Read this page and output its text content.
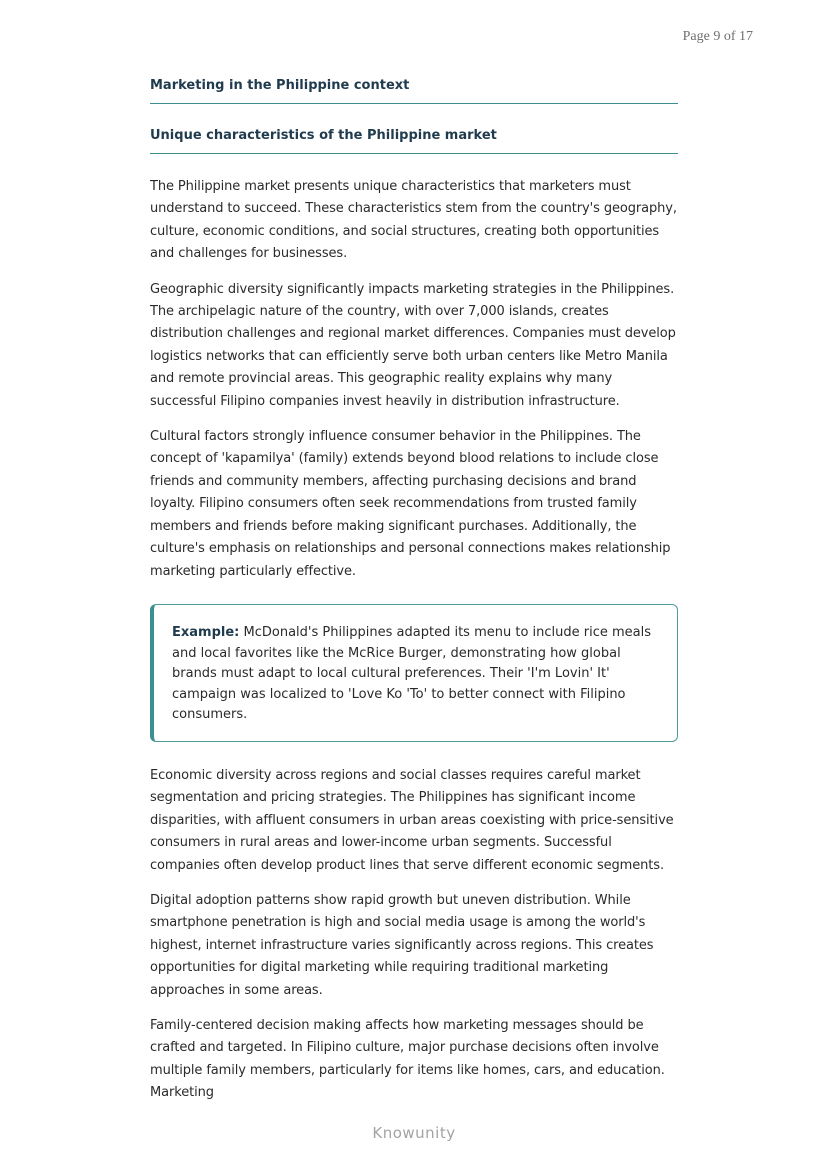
Page 9 of 17
Marketing in the Philippine context
Unique characteristics of the Philippine market

The Philippine market presents unique characteristics that marketers must understand to succeed. These characteristics stem from the country's geography, culture, economic conditions, and social structures, creating both opportunities and challenges for businesses.

Geographic diversity significantly impacts marketing strategies in the Philippines. The archipelagic nature of the country, with over 7,000 islands, creates distribution challenges and regional market differences. Companies must develop logistics networks that can efficiently serve both urban centers like Metro Manila and remote provincial areas. This geographic reality explains why many successful Filipino companies invest heavily in distribution infrastructure.

Cultural factors strongly influence consumer behavior in the Philippines. The concept of 'kapamilya' (family) extends beyond blood relations to include close friends and community members, affecting purchasing decisions and brand loyalty. Filipino consumers often seek recommendations from trusted family members and friends before making significant purchases. Additionally, the culture's emphasis on relationships and personal connections makes relationship marketing particularly effective.

Example: McDonald's Philippines adapted its menu to include rice meals and local favorites like the McRice Burger, demonstrating how global brands must adapt to local cultural preferences. Their 'I'm Lovin' It' campaign was localized to 'Love Ko 'To' to better connect with Filipino consumers.

Economic diversity across regions and social classes requires careful market segmentation and pricing strategies. The Philippines has significant income disparities, with affluent consumers in urban areas coexisting with price-sensitive consumers in rural areas and lower-income urban segments. Successful companies often develop product lines that serve different economic segments.

Digital adoption patterns show rapid growth but uneven distribution. While smartphone penetration is high and social media usage is among the world's highest, internet infrastructure varies significantly across regions. This creates opportunities for digital marketing while requiring traditional marketing approaches in some areas.

Family-centered decision making affects how marketing messages should be crafted and targeted. In Filipino culture, major purchase decisions often involve multiple family members, particularly for items like homes, cars, and education. Marketing

Knowunity
